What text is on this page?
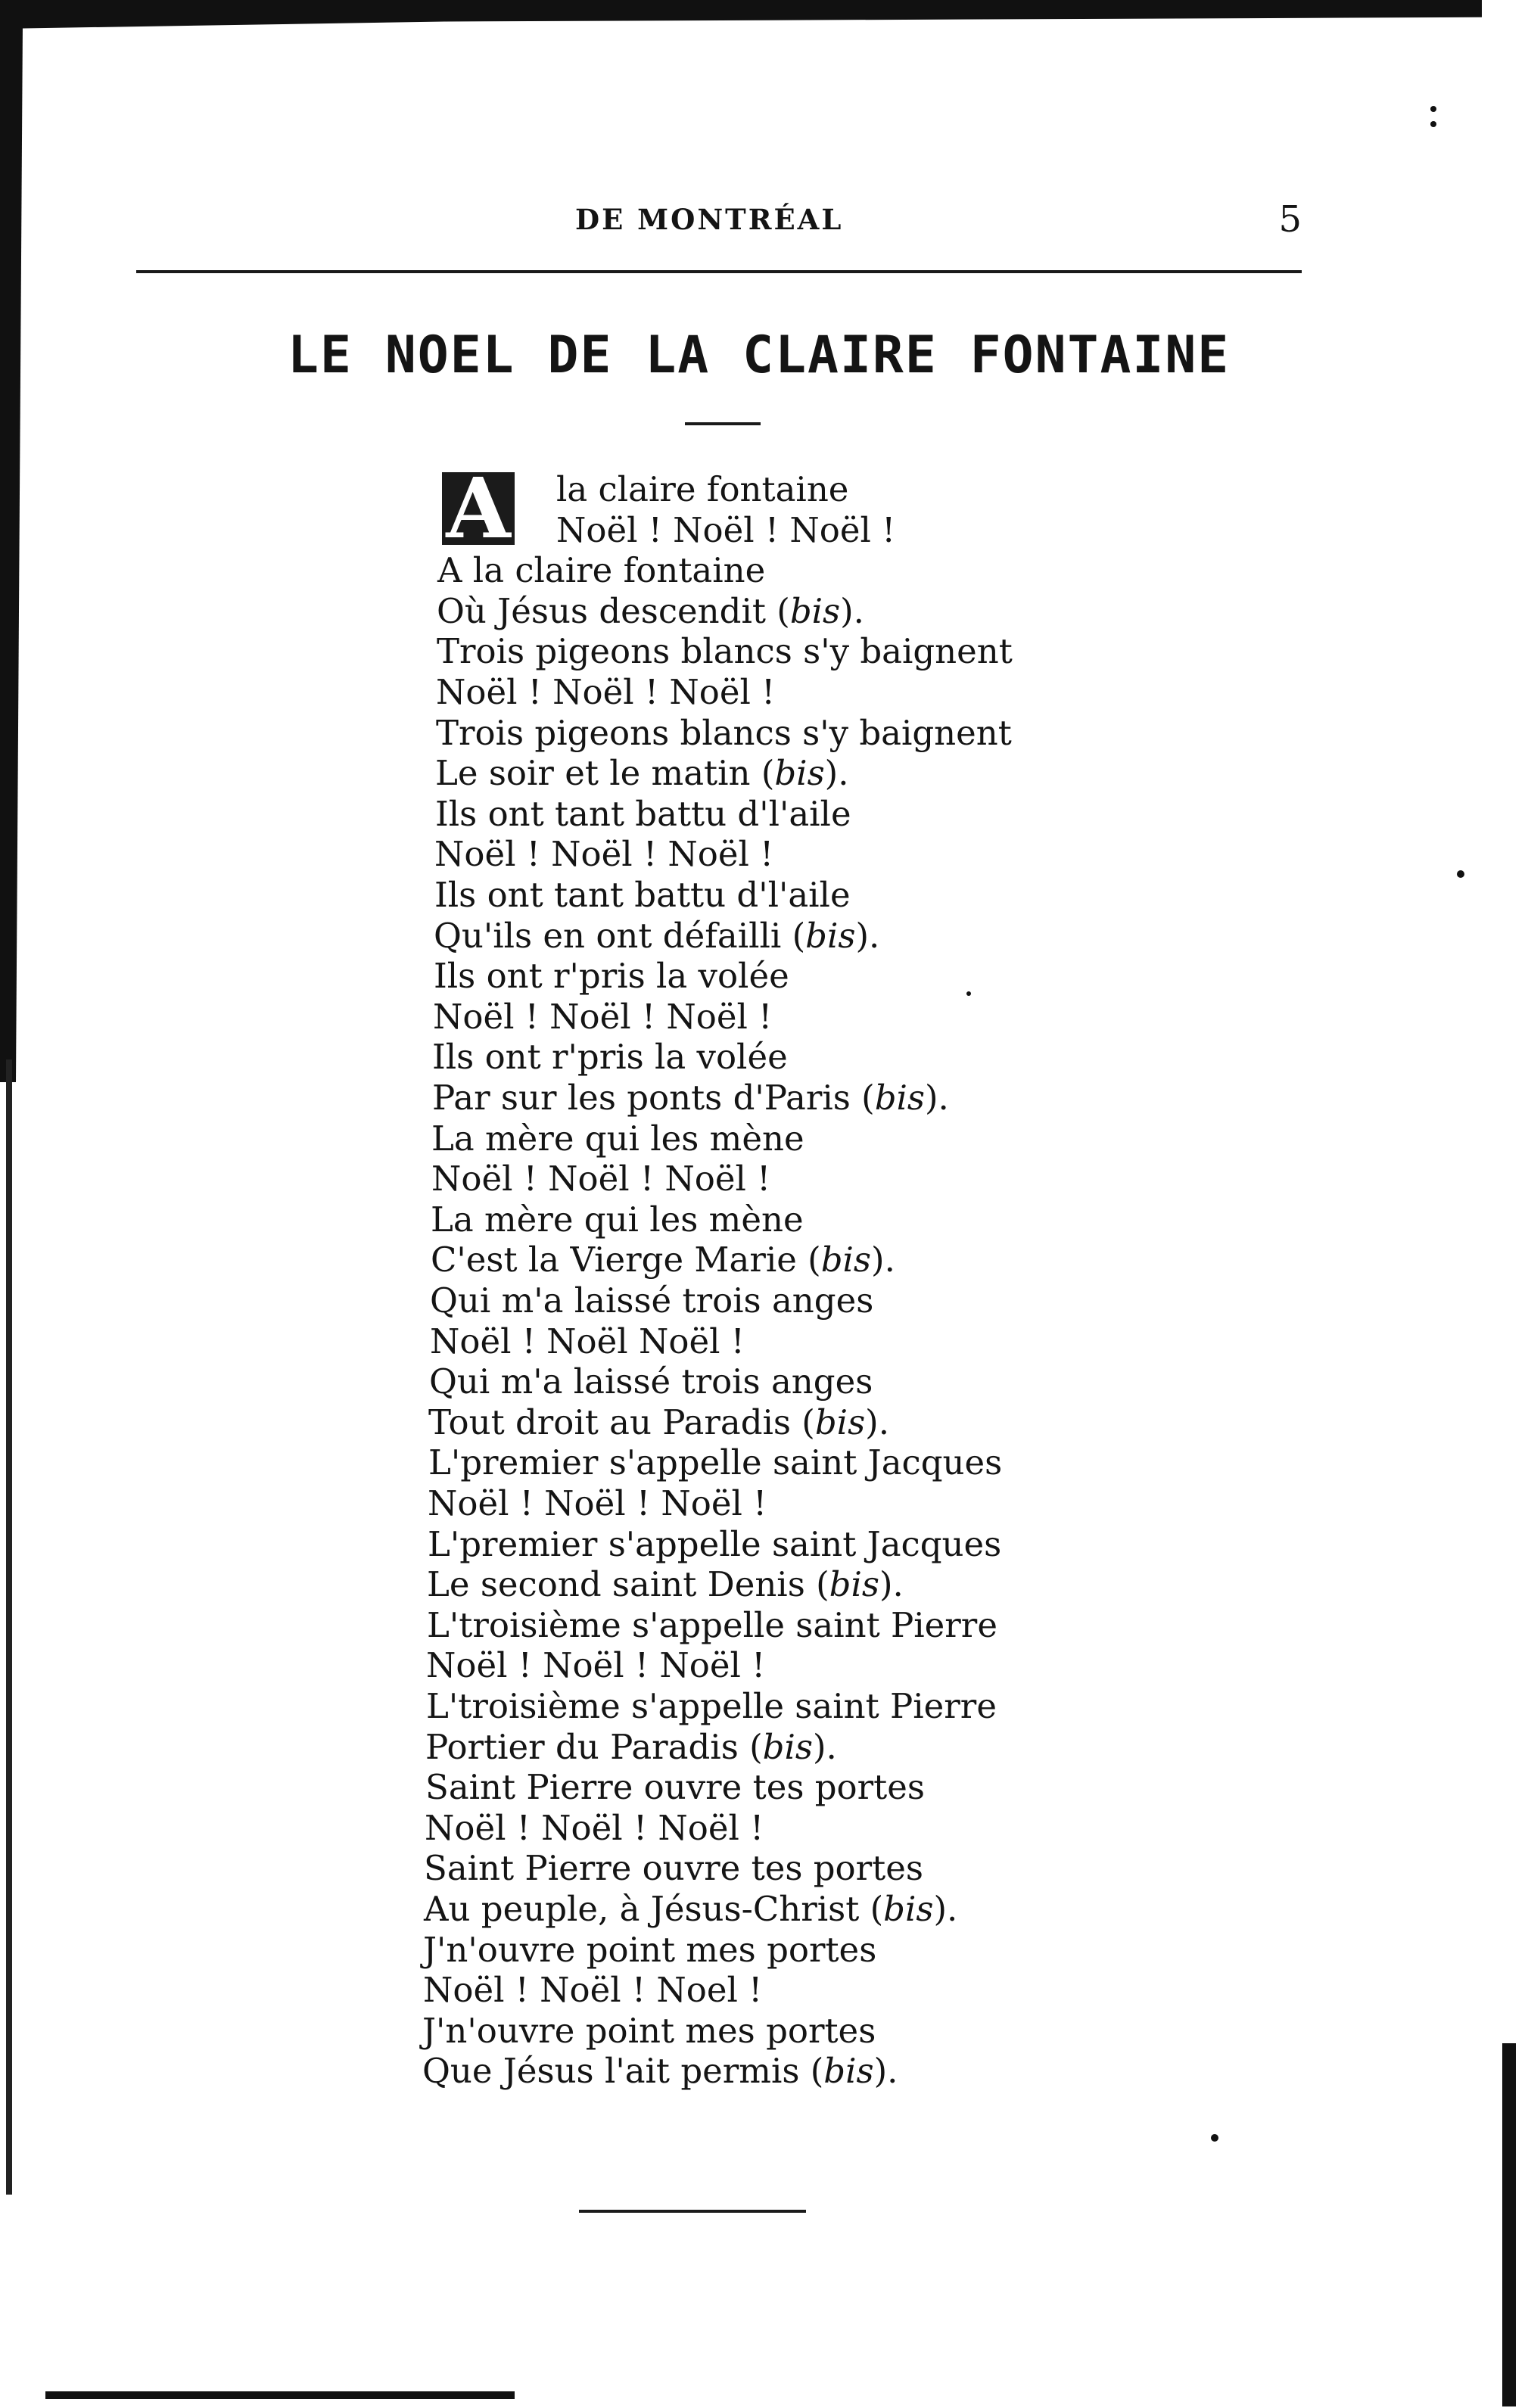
DE MONTRÉAL	5
LE NOEL DE LA CLAIRE FONTAINE
A la claire fontaine
Noël ! Noël ! Noël !
A la claire fontaine
Où Jésus descendit (bis).
Trois pigeons blancs s'y baignent
Noël ! Noël ! Noël !
Trois pigeons blancs s'y baignent
Le soir et le matin (bis).
Ils ont tant battu d'l'aile
Noël ! Noël ! Noël !
Ils ont tant battu d'l'aile
Qu'ils en ont défailli (bis).
Ils ont r'pris la volée
Noël ! Noël ! Noël !
Ils ont r'pris la volée
Par sur les ponts d'Paris (bis).
La mère qui les mène
Noël ! Noël ! Noël !
La mère qui les mène
C'est la Vierge Marie (bis).
Qui m'a laissé trois anges
Noël ! Noël Noël !
Qui m'a laissé trois anges
Tout droit au Paradis (bis).
L'premier s'appelle saint Jacques
Noël ! Noël ! Noël !
L'premier s'appelle saint Jacques
Le second saint Denis (bis).
L'troisième s'appelle saint Pierre
Noël ! Noël ! Noël !
L'troisième s'appelle saint Pierre
Portier du Paradis (bis).
Saint Pierre ouvre tes portes
Noël ! Noël ! Noël !
Saint Pierre ouvre tes portes
Au peuple, à Jésus-Christ (bis).
J'n'ouvre point mes portes
Noël ! Noël ! Noel !
J'n'ouvre point mes portes
Que Jésus l'ait permis (bis).
